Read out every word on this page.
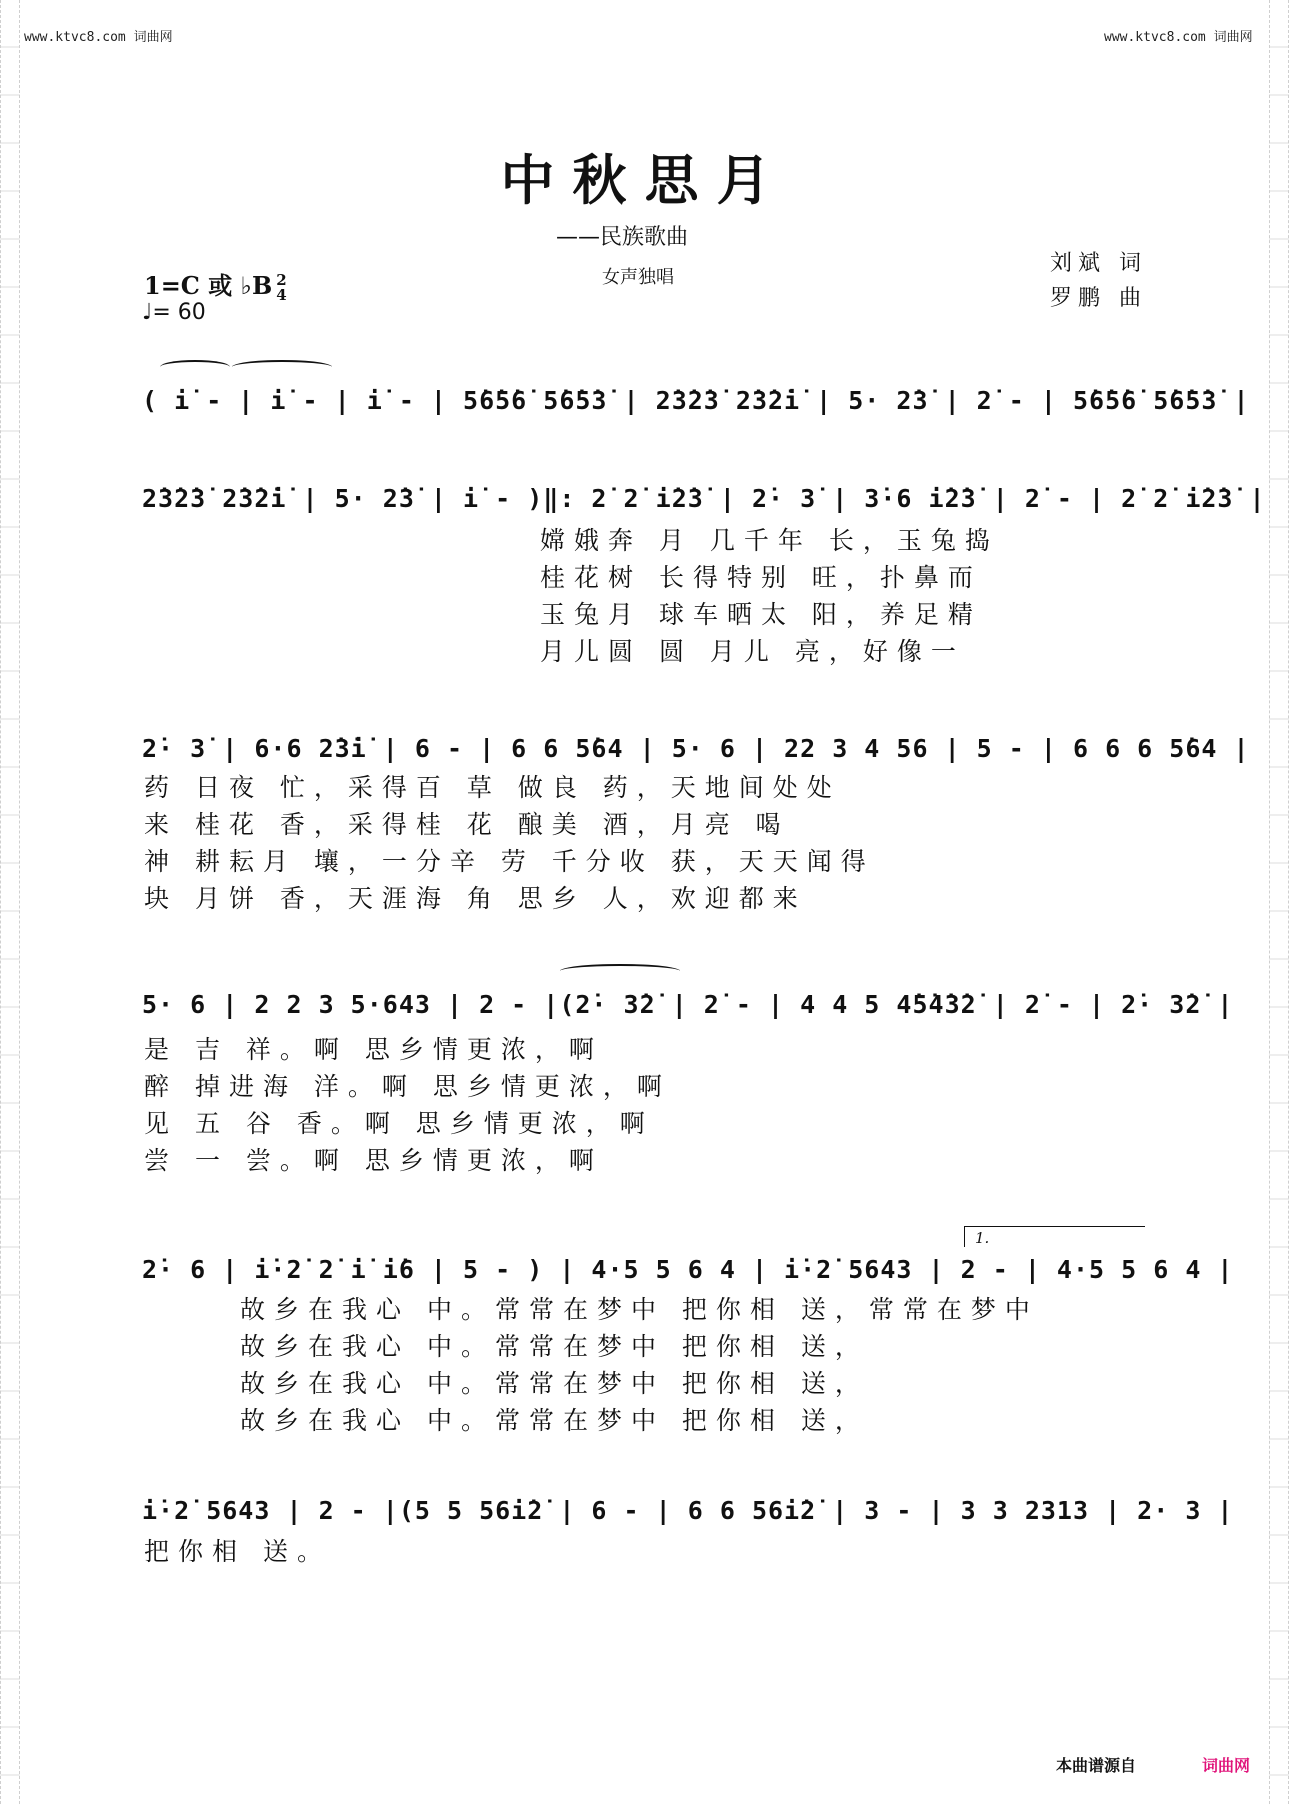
www.ktvc8.com 词曲网	www.ktvc8.com 词曲网
中秋思月
——民族歌曲
女声独唱
刘斌 词
罗鹏 曲
1=C 或 ♭B 2
4
♩= 60
( i̇ - | i̇ - | i̇ - | 5̇6̇5̇6̇ 5̇6̇5̇3̇ | 2̇3̇2̇3̇ 2̇3̇2̇i̇ | 5· 2̇3̇ | 2̇ - | 5̇6̇5̇6̇ 5̇6̇5̇3̇ |
2̇3̇2̇3̇ 2̇3̇2̇i̇ | 5· 2̇3̇ | i̇ - )‖: 2̇ 2̇ i̇2̇3̇ | 2̇· 3̇ | 3̇·6 i̇2̇3̇ | 2̇ - | 2̇ 2̇ i̇2̇3̇ |
嫦娥奔 月 几千年 长，玉兔捣
桂花树 长得特别 旺，扑鼻而
玉兔月 球车晒太 阳，养足精
月儿圆 圆 月儿 亮，好像一
2̇· 3̇ | 6·6 2̇3̇i̇ | 6 - | 6 6 5̇64 | 5· 6 | 22 3 4 56 | 5 - | 6 6 6 5̇64 |
药 日夜 忙，采得百 草 做良 药，天地间处处
来 桂花 香，采得桂 花 酿美 酒，月亮 喝
神 耕耘月 壤，一分辛 劳 千分收 获，天天闻得
块 月饼 香，天涯海 角 思乡 人，欢迎都来
5· 6 | 2 2 3 5·643 | 2 - |(2̇· 3̇2̇ | 2̇ - | 4 4 5 4̇5̇4̇3̇2̇ | 2̇ - | 2̇· 3̇2̇ |
是 吉 祥。啊 思乡情更浓，啊
醉 掉进海 洋。啊 思乡情更浓，啊
见 五 谷 香。啊 思乡情更浓，啊
尝 一 尝。啊 思乡情更浓，啊
1.
2̇· 6 | i̇·2̇ 2̇ i̇ i̇6 | 5 - ) | 4·5 5 6 4 | i̇·2̇ 5643 | 2 - | 4·5 5 6 4 |
故乡在我心 中。常常在梦中 把你相 送，常常在梦中
故乡在我心 中。常常在梦中 把你相 送，
故乡在我心 中。常常在梦中 把你相 送，
故乡在我心 中。常常在梦中 把你相 送，
i̇·2̇ 5643 | 2 - |(5 5 56i̇2̇ | 6 - | 6 6 56i̇2̇ | 3 - | 3 3 2313 | 2· 3 |
把你相 送。
本曲谱源自	词曲网
